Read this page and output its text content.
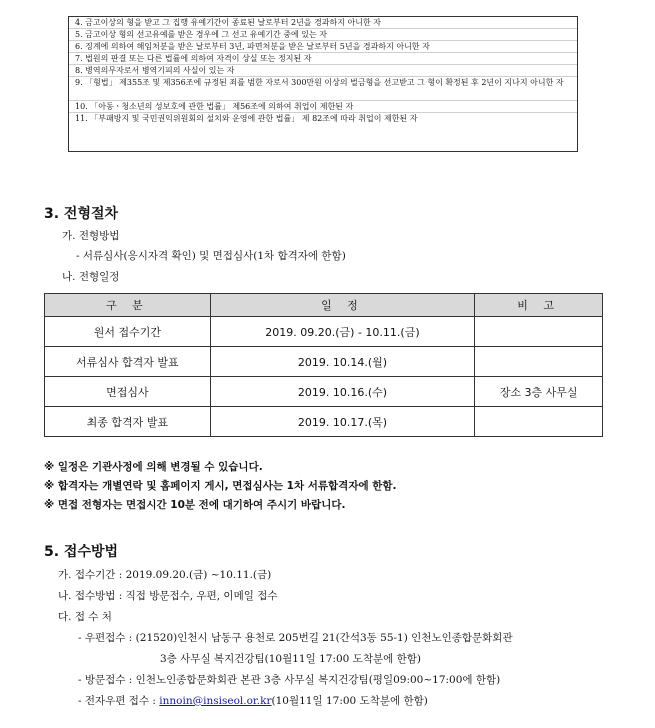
4. 금고이상의 형을 받고 그 집행 유예기간이 종료된 날로부터 2년을 경과하지 아니한 자
5. 금고이상 형의 선고유예를 받은 경우에 그 선고 유예기간 중에 있는 자
6. 징계에 의하여 해임처분을 받은 날로부터 3년, 파면처분을 받은 날로부터 5년을 경과하지 아니한 자
7. 법원의 판결 또는 다른 법률에 의하여 자격이 상실 또는 정지된 자
8. 병역의무자로서 병역기피의 사실이 있는 자
9. 「형법」 제355조 및 제356조에 규정된 죄를 범한 자로서 300만원 이상의 벌금형을 선고받고 그 형이 확정된 후 2년이 지나지 아니한 자
10. 「아동ㆍ청소년의 성보호에 관한 법률」 제56조에 의하여 취업이 제한된 자
11. 「부패방지 및 국민권익위원회의 설치와 운영에 관한 법률」 제 82조에 따라 취업이 제한된 자
3. 전형절차
가. 전형방법
- 서류심사(응시자격 확인) 및 면접심사(1차 합격자에 한함)
나. 전형일정
구 분	일 정	비 고
원서 접수기간	2019. 09.20.(금) - 10.11.(금)	
서류심사 합격자 발표	2019. 10.14.(월)	
면접심사	2019. 10.16.(수)	장소 3층 사무실
최종 합격자 발표	2019. 10.17.(목)	
※ 일정은 기관사정에 의해 변경될 수 있습니다.
※ 합격자는 개별연락 및 홈페이지 게시, 면접심사는 1차 서류합격자에 한함.
※ 면접 전형자는 면접시간 10분 전에 대기하여 주시기 바랍니다.
5. 접수방법
가. 접수기간 : 2019.09.20.(금) ~10.11.(금)
나. 접수방법 : 직접 방문접수, 우편, 이메일 접수
다. 접 수 처
- 우편접수 : (21520)인천시 남동구 용천로 205번길 21(간석3동 55-1) 인천노인종합문화회관
3층 사무실 복지건강팀(10월11일 17:00 도착분에 한함)
- 방문접수 : 인천노인종합문화회관 본관 3층 사무실 복지건강팀(평일09:00~17:00에 한함)
- 전자우편 접수 : innoin@insiseol.or.kr(10월11일 17:00 도착분에 한함)
